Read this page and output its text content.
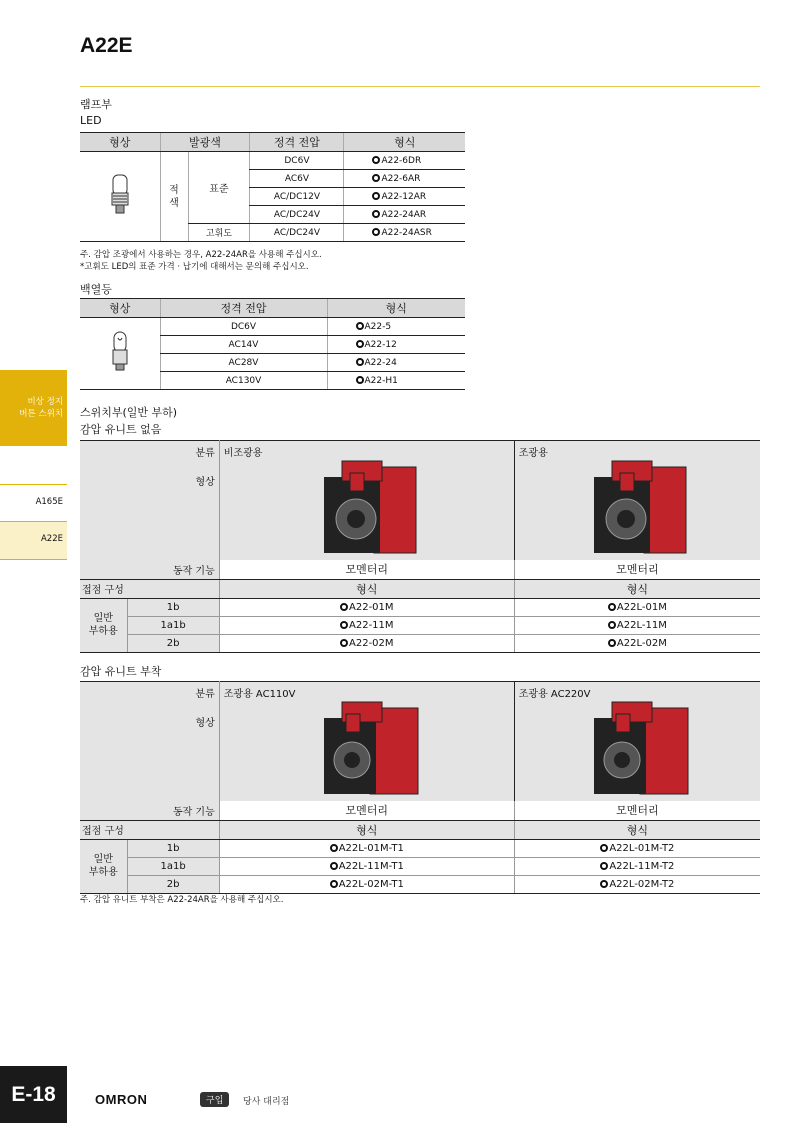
A22E
램프부
LED
형상	발광색		정격 전압	형식
	적
색	표준	DC6V	A22-6DR
			AC6V	A22-6AR
			AC/DC12V	A22-12AR
			AC/DC24V	A22-24AR
		고휘도	AC/DC24V	A22-24ASR
주. 감압 조광에서 사용하는 경우, A22-24AR을 사용해 주십시오.
*고휘도 LED의 표준 가격 · 납기에 대해서는 문의해 주십시오.
백열등
형상	정격 전압	형식
	DC6V	A22-5
	AC14V	A22-12
	AC28V	A22-24
	AC130V	A22-H1
스위치부(일반 부하)
감압 유니트 없음
분류
형상		비조광용	조광용

동작 기능		모멘터리	모멘터리
접점 구성		형식	형식
일반
부하용	1b	A22-01M	A22L-01M
	1a1b	A22-11M	A22L-11M
	2b	A22-02M	A22L-02M
감압 유니트 부착
분류
형상		조광용 AC110V	조광용 AC220V

동작 기능		모멘터리	모멘터리
접점 구성		형식	형식
일반
부하용	1b	A22L-01M-T1	A22L-01M-T2
	1a1b	A22L-11M-T1	A22L-11M-T2
	2b	A22L-02M-T1	A22L-02M-T2
주. 감압 유니트 부착은 A22-24AR을 사용해 주십시오.
비상 정지
버튼 스위치
A165E
A22E
E-18	OMRON	구입	당사 대리점
